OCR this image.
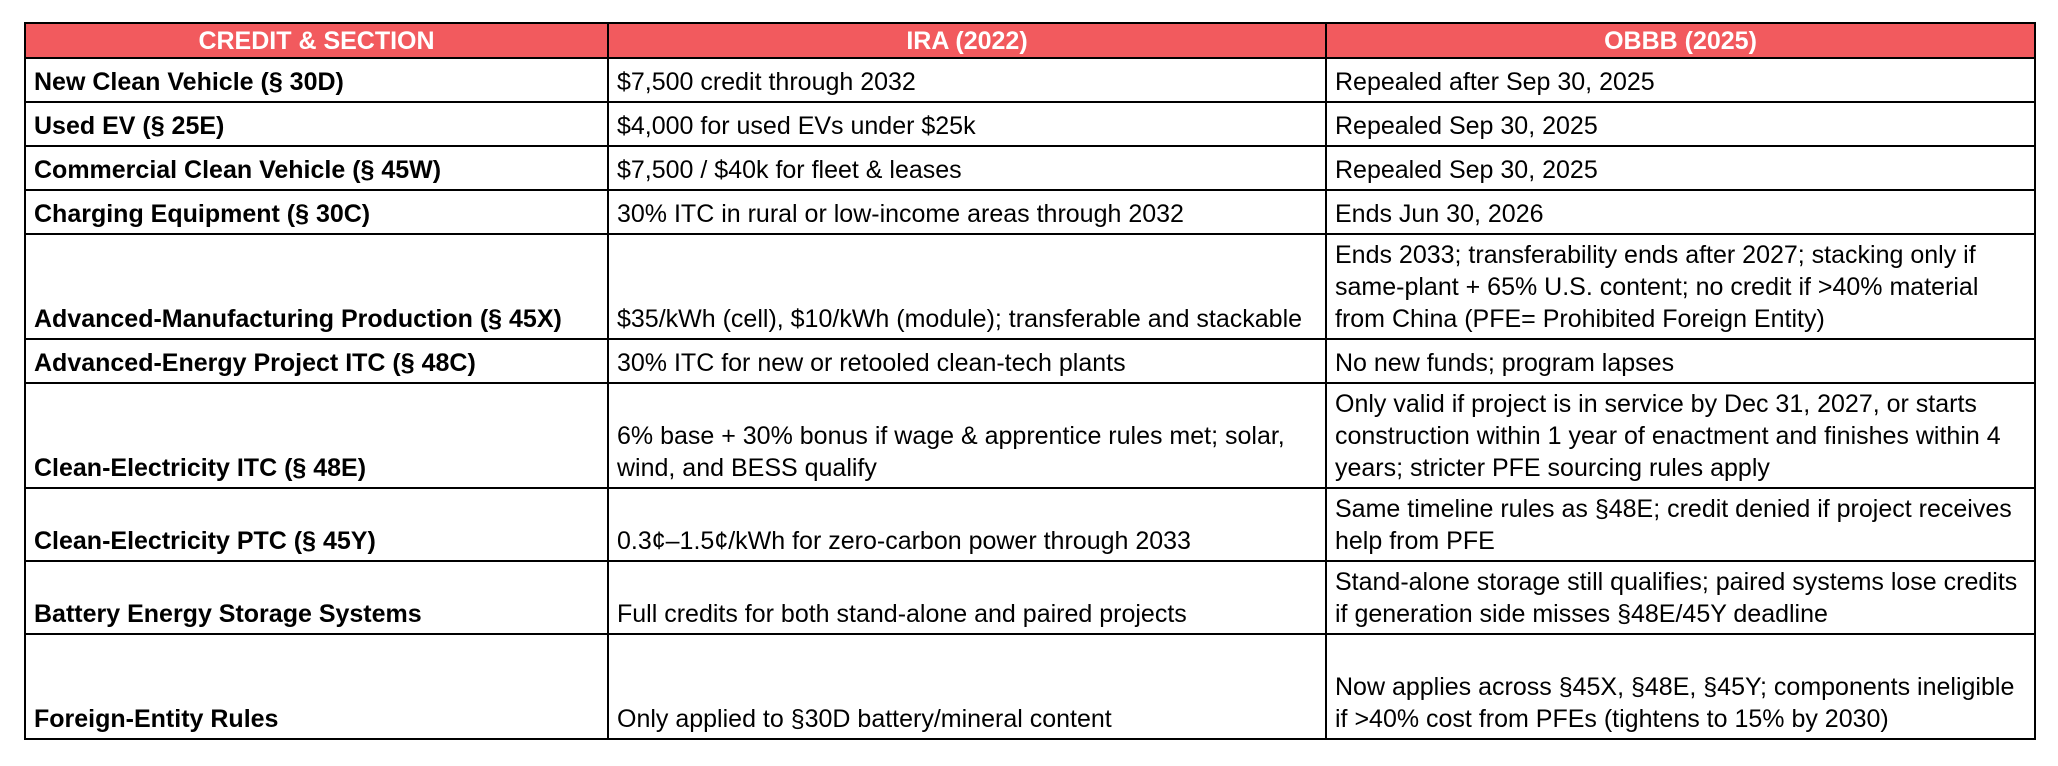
CREDIT & SECTION	IRA (2022)	OBBB (2025)
New Clean Vehicle (§ 30D)	$7,500 credit through 2032	Repealed after Sep 30, 2025
Used EV (§ 25E)	$4,000 for used EVs under $25k	Repealed Sep 30, 2025
Commercial Clean Vehicle (§ 45W)	$7,500 / $40k for fleet & leases	Repealed Sep 30, 2025
Charging Equipment (§ 30C)	30% ITC in rural or low-income areas through 2032	Ends Jun 30, 2026
Advanced-Manufacturing Production (§ 45X)	$35/kWh (cell), $10/kWh (module); transferable and stackable	Ends 2033; transferability ends after 2027; stacking only if same-plant + 65% U.S. content; no credit if >40% material from China (PFE= Prohibited Foreign Entity)
Advanced-Energy Project ITC (§ 48C)	30% ITC for new or retooled clean-tech plants	No new funds; program lapses
Clean-Electricity ITC (§ 48E)	6% base + 30% bonus if wage & apprentice rules met; solar, wind, and BESS qualify	Only valid if project is in service by Dec 31, 2027, or starts construction within 1 year of enactment and finishes within 4 years; stricter PFE sourcing rules apply
Clean-Electricity PTC (§ 45Y)	0.3¢–1.5¢/kWh for zero-carbon power through 2033	Same timeline rules as §48E; credit denied if project receives help from PFE
Battery Energy Storage Systems	Full credits for both stand-alone and paired projects	Stand-alone storage still qualifies; paired systems lose credits if generation side misses §48E/45Y deadline
Foreign-Entity Rules	Only applied to §30D battery/mineral content	Now applies across §45X, §48E, §45Y; components ineligible if >40% cost from PFEs (tightens to 15% by 2030)
